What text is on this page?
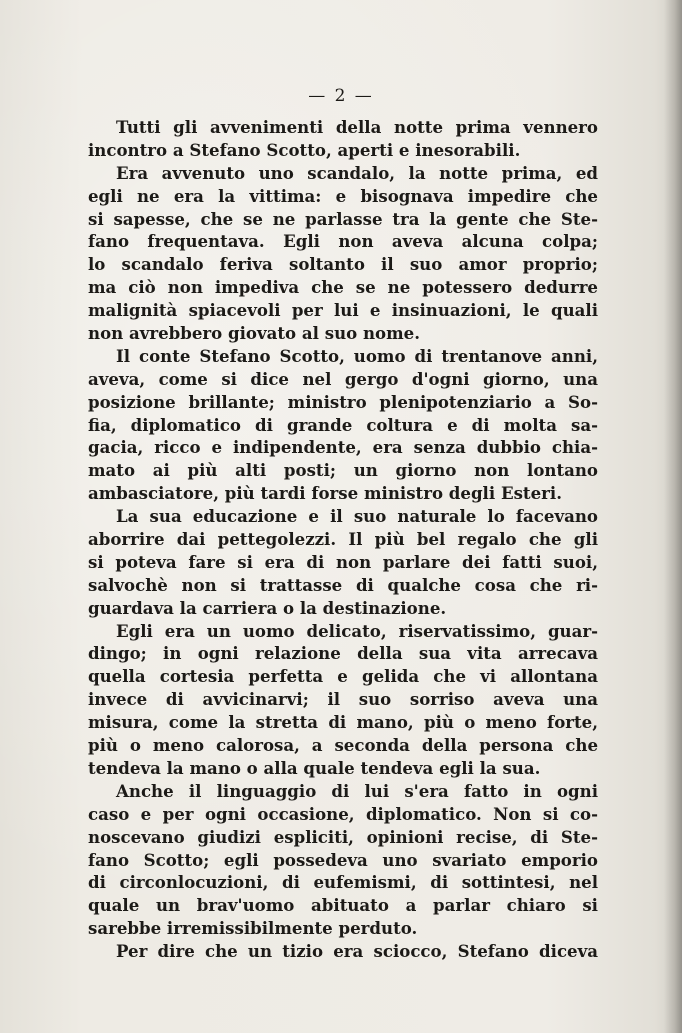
— 2 —
Tutti gli avvenimenti della notte prima vennero
incontro a Stefano Scotto, aperti e inesorabili.
Era avvenuto uno scandalo, la notte prima, ed
egli ne era la vittima: e bisognava impedire che
si sapesse, che se ne parlasse tra la gente che Ste-
fano frequentava. Egli non aveva alcuna colpa;
lo scandalo feriva soltanto il suo amor proprio;
ma ciò non impediva che se ne potessero dedurre
malignità spiacevoli per lui e insinuazioni, le quali
non avrebbero giovato al suo nome.
Il conte Stefano Scotto, uomo di trentanove anni,
aveva, come si dice nel gergo d'ogni giorno, una
posizione brillante; ministro plenipotenziario a So-
fia, diplomatico di grande coltura e di molta sa-
gacia, ricco e indipendente, era senza dubbio chia-
mato ai più alti posti; un giorno non lontano
ambasciatore, più tardi forse ministro degli Esteri.
La sua educazione e il suo naturale lo facevano
aborrire dai pettegolezzi. Il più bel regalo che gli
si poteva fare si era di non parlare dei fatti suoi,
salvochè non si trattasse di qualche cosa che ri-
guardava la carriera o la destinazione.
Egli era un uomo delicato, riservatissimo, guar-
dingo; in ogni relazione della sua vita arrecava
quella cortesia perfetta e gelida che vi allontana
invece di avvicinarvi; il suo sorriso aveva una
misura, come la stretta di mano, più o meno forte,
più o meno calorosa, a seconda della persona che
tendeva la mano o alla quale tendeva egli la sua.
Anche il linguaggio di lui s'era fatto in ogni
caso e per ogni occasione, diplomatico. Non si co-
noscevano giudizi espliciti, opinioni recise, di Ste-
fano Scotto; egli possedeva uno svariato emporio
di circonlocuzioni, di eufemismi, di sottintesi, nel
quale un brav'uomo abituato a parlar chiaro si
sarebbe irremissibilmente perduto.
Per dire che un tizio era sciocco, Stefano diceva
